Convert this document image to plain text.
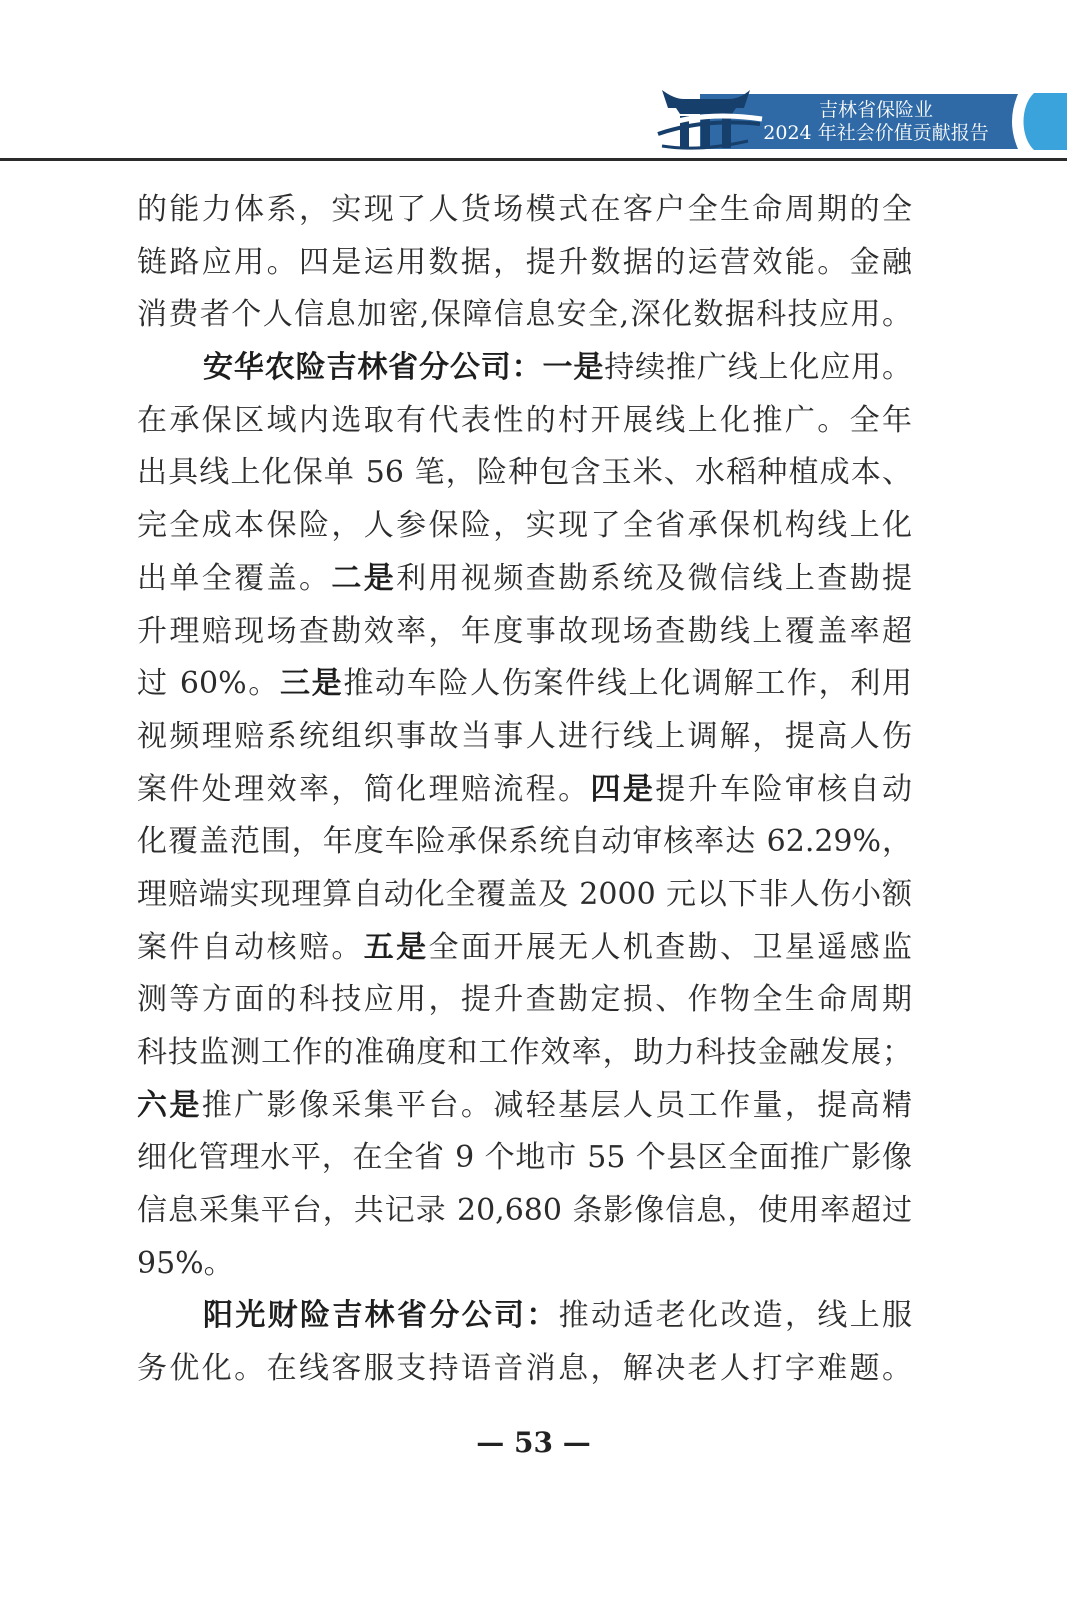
吉林省保险业
2024 年社会价值贡献报告
的能力体系，实现了人货场模式在客户全生命周期的全
链路应用。四是运用数据，提升数据的运营效能。金融
消费者个人信息加密,保障信息安全,深化数据科技应用。
安华农险吉林省分公司：一是持续推广线上化应用。
在承保区域内选取有代表性的村开展线上化推广。全年
出具线上化保单 56 笔，险种包含玉米、水稻种植成本、
完全成本保险，人参保险，实现了全省承保机构线上化
出单全覆盖。二是利用视频查勘系统及微信线上查勘提
升理赔现场查勘效率，年度事故现场查勘线上覆盖率超
过 60%。三是推动车险人伤案件线上化调解工作，利用
视频理赔系统组织事故当事人进行线上调解，提高人伤
案件处理效率，简化理赔流程。四是提升车险审核自动
化覆盖范围，年度车险承保系统自动审核率达 62.29%，
理赔端实现理算自动化全覆盖及 2000 元以下非人伤小额
案件自动核赔。五是全面开展无人机查勘、卫星遥感监
测等方面的科技应用，提升查勘定损、作物全生命周期
科技监测工作的准确度和工作效率，助力科技金融发展；
六是推广影像采集平台。减轻基层人员工作量，提高精
细化管理水平，在全省 9 个地市 55 个县区全面推广影像
信息采集平台，共记录 20,680 条影像信息，使用率超过
95%。
阳光财险吉林省分公司：推动适老化改造，线上服
务优化。在线客服支持语音消息，解决老人打字难题。
— 53 —
